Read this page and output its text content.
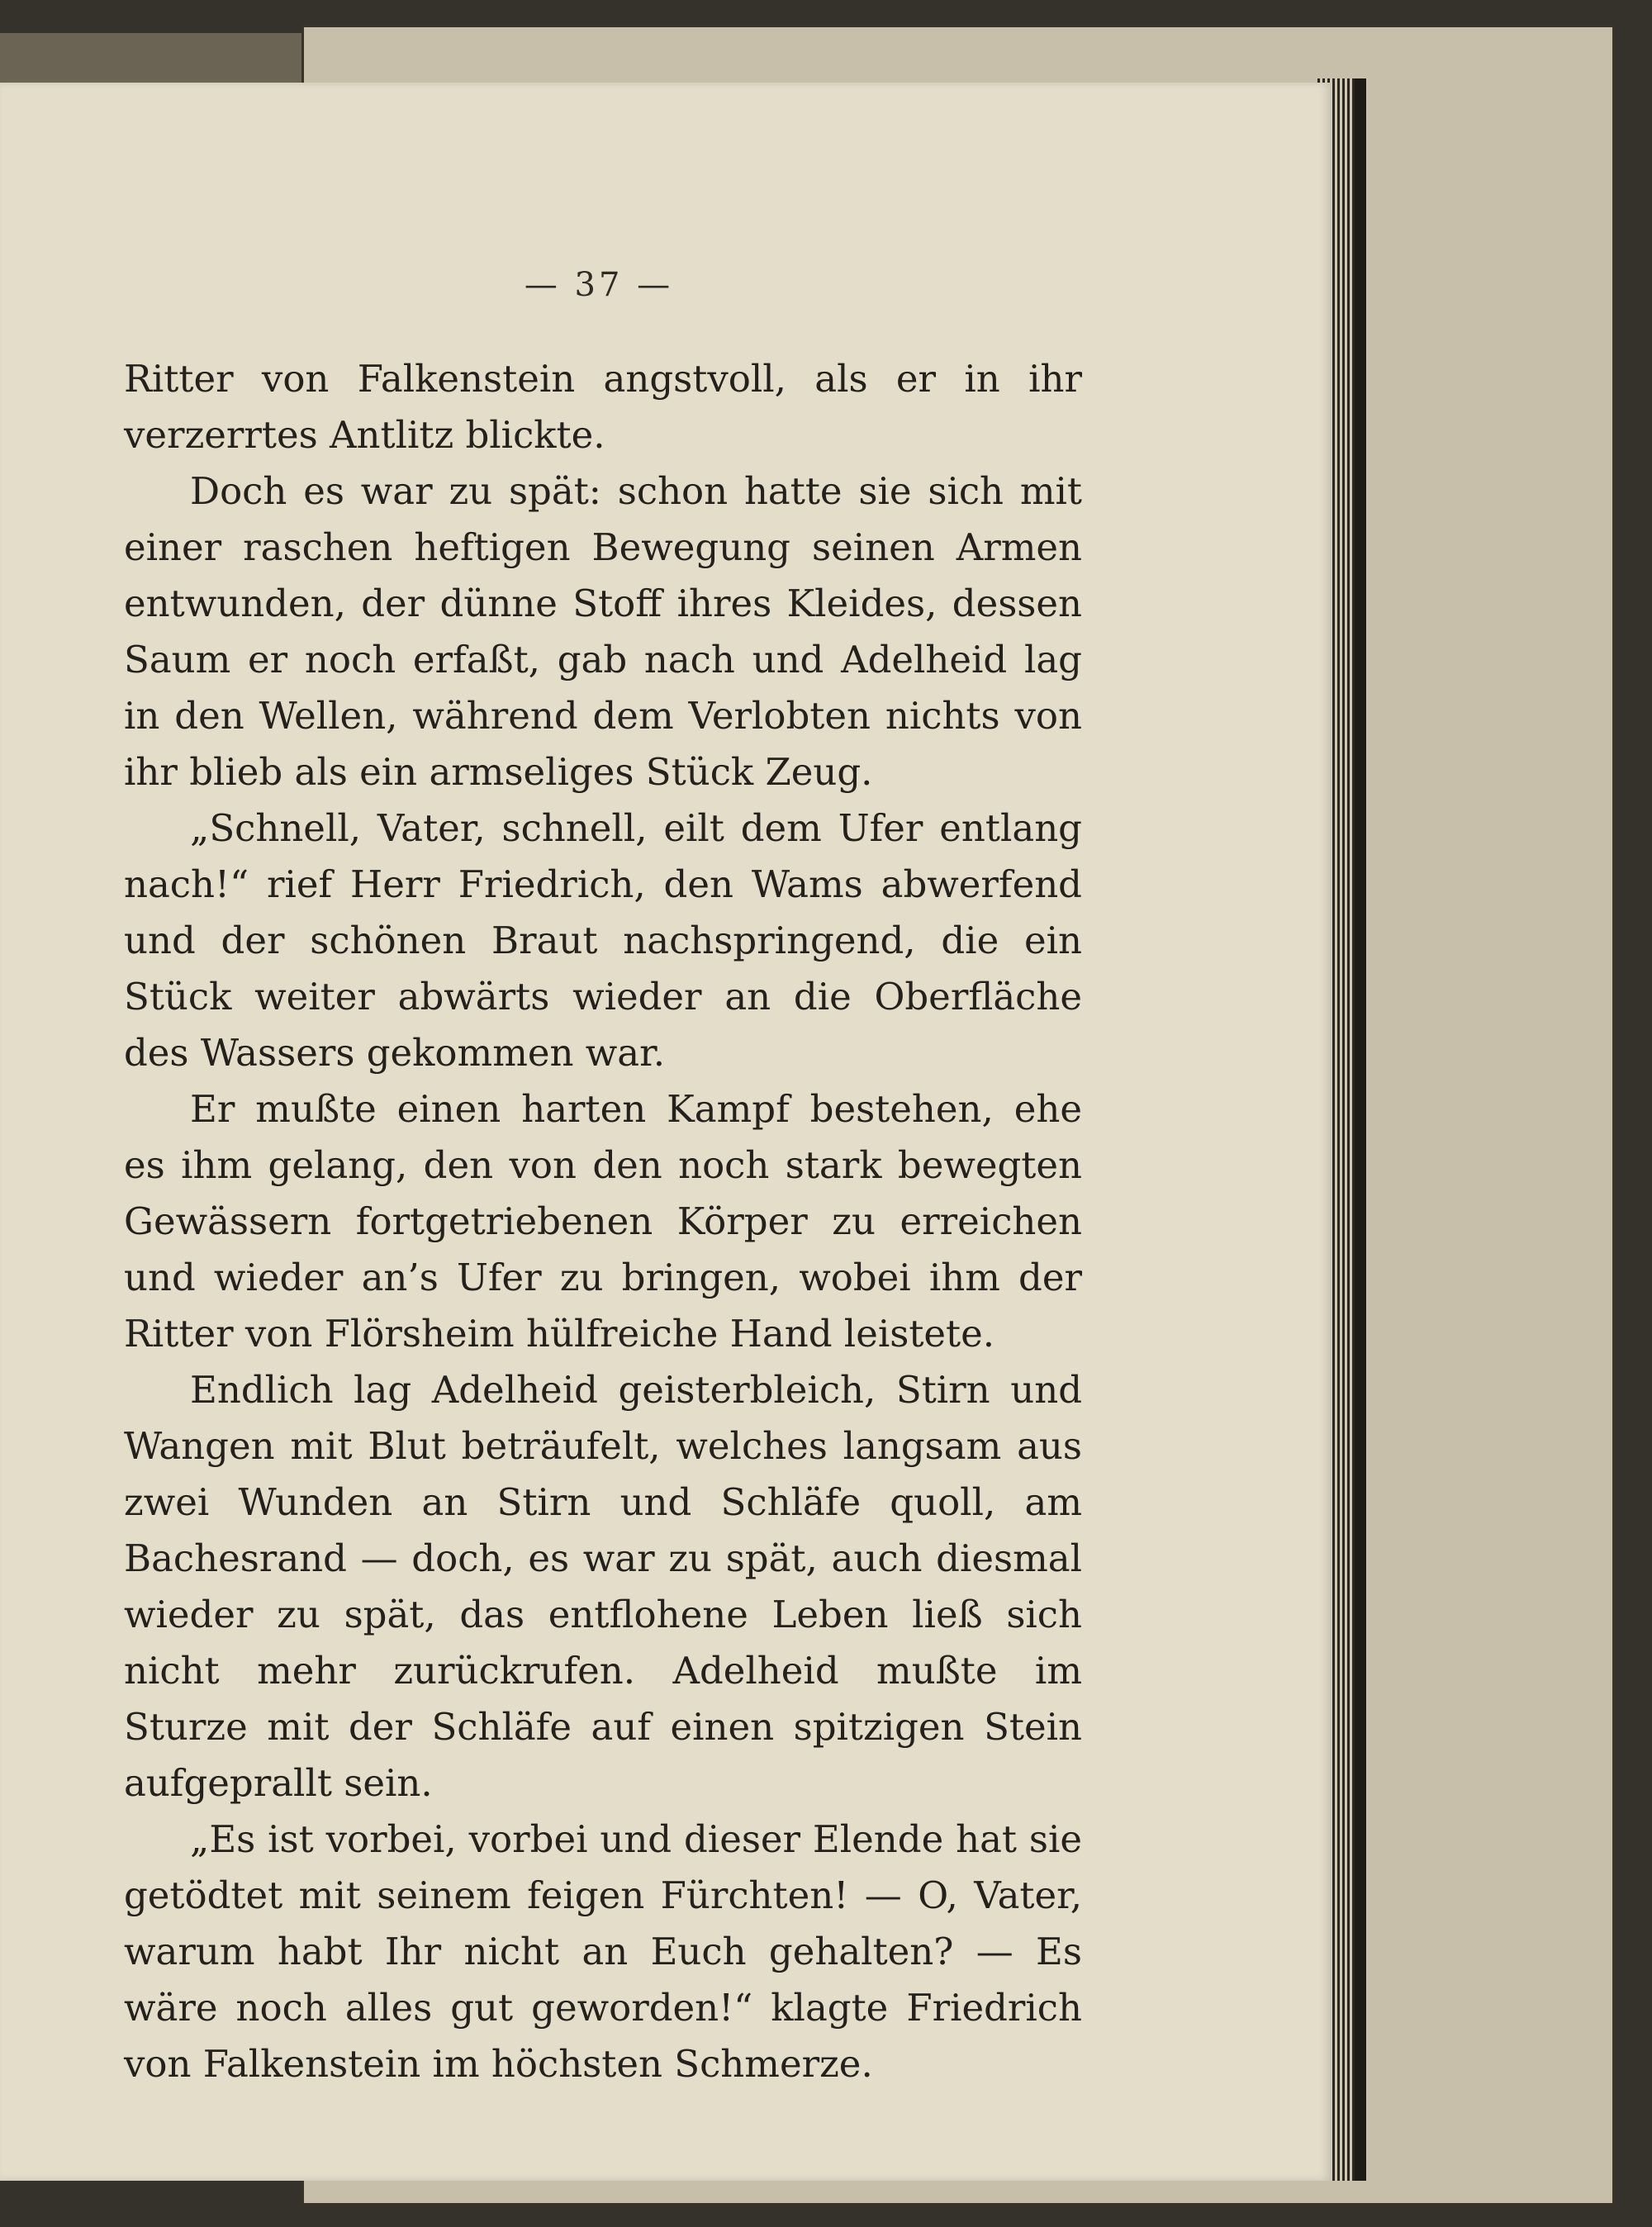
— 37 —

Ritter von Falkenstein angstvoll, als er in ihr verzerrtes Antlitz blickte.

Doch es war zu spät: schon hatte sie sich mit einer raschen heftigen Bewegung seinen Armen entwunden, der dünne Stoff ihres Kleides, dessen Saum er noch erfaßt, gab nach und Adelheid lag in den Wellen, während dem Verlobten nichts von ihr blieb als ein armseliges Stück Zeug.

„Schnell, Vater, schnell, eilt dem Ufer entlang nach!“ rief Herr Friedrich, den Wams abwerfend und der schönen Braut nachspringend, die ein Stück weiter abwärts wieder an die Oberfläche des Wassers gekommen war.

Er mußte einen harten Kampf bestehen, ehe es ihm gelang, den von den noch stark bewegten Gewässern fortgetriebenen Körper zu erreichen und wieder an’s Ufer zu bringen, wobei ihm der Ritter von Flörsheim hülfreiche Hand leistete.

Endlich lag Adelheid geisterbleich, Stirn und Wangen mit Blut beträufelt, welches langsam aus zwei Wunden an Stirn und Schläfe quoll, am Bachesrand — doch, es war zu spät, auch diesmal wieder zu spät, das entflohene Leben ließ sich nicht mehr zurückrufen. Adelheid mußte im Sturze mit der Schläfe auf einen spitzigen Stein aufgeprallt sein.

„Es ist vorbei, vorbei und dieser Elende hat sie getödtet mit seinem feigen Fürchten! — O, Vater, warum habt Ihr nicht an Euch gehalten? — Es wäre noch alles gut geworden!“ klagte Friedrich von Falkenstein im höchsten Schmerze.
